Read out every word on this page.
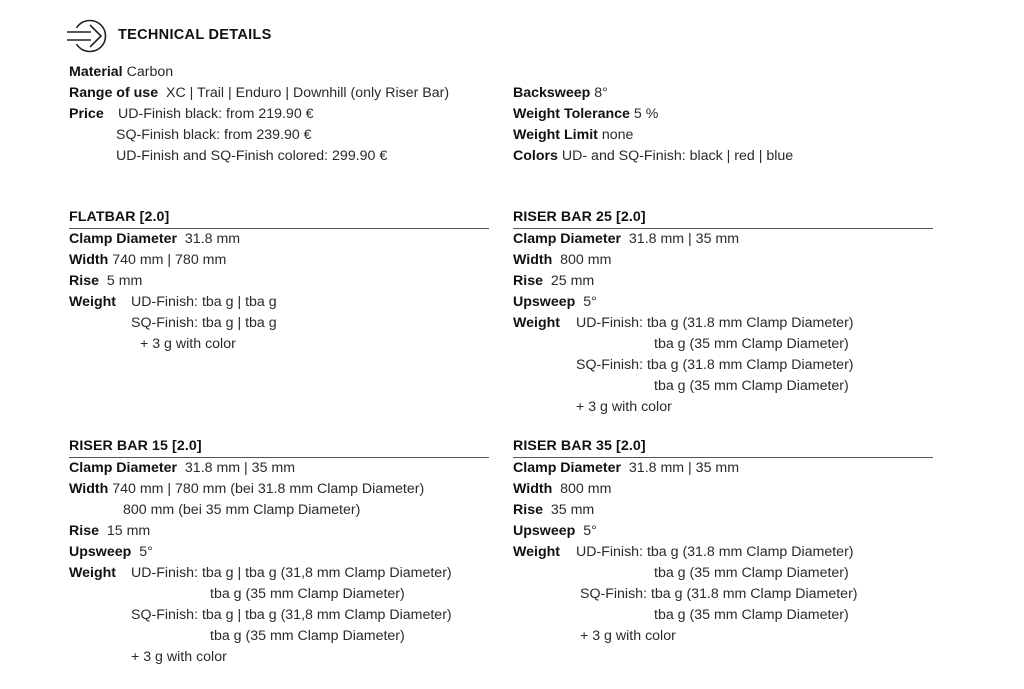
TECHNICAL DETAILS
Material Carbon
Range of use XC | Trail | Enduro | Downhill (only Riser Bar)
Price UD-Finish black: from 219.90 €
SQ-Finish black: from 239.90 €
UD-Finish and SQ-Finish colored: 299.90 €
Backsweep 8°
Weight Tolerance 5 %
Weight Limit none
Colors UD- and SQ-Finish: black | red | blue
FLATBAR [2.0]
Clamp Diameter 31.8 mm
Width 740 mm | 780 mm
Rise 5 mm
Weight UD-Finish: tba g | tba g
SQ-Finish: tba g | tba g
+ 3 g with color
RISER BAR 25 [2.0]
Clamp Diameter 31.8 mm | 35 mm
Width 800 mm
Rise 25 mm
Upsweep 5°
Weight UD-Finish: tba g (31.8 mm Clamp Diameter)
tba g (35 mm Clamp Diameter)
SQ-Finish: tba g (31.8 mm Clamp Diameter)
tba g (35 mm Clamp Diameter)
+ 3 g with color
RISER BAR 15 [2.0]
Clamp Diameter 31.8 mm | 35 mm
Width 740 mm | 780 mm (bei 31.8 mm Clamp Diameter)
800 mm (bei 35 mm Clamp Diameter)
Rise 15 mm
Upsweep 5°
Weight UD-Finish: tba g | tba g (31,8 mm Clamp Diameter)
tba g (35 mm Clamp Diameter)
SQ-Finish: tba g | tba g (31,8 mm Clamp Diameter)
tba g (35 mm Clamp Diameter)
+ 3 g with color
RISER BAR 35 [2.0]
Clamp Diameter 31.8 mm | 35 mm
Width 800 mm
Rise 35 mm
Upsweep 5°
Weight UD-Finish: tba g (31.8 mm Clamp Diameter)
tba g (35 mm Clamp Diameter)
SQ-Finish: tba g (31.8 mm Clamp Diameter)
tba g (35 mm Clamp Diameter)
+ 3 g with color
